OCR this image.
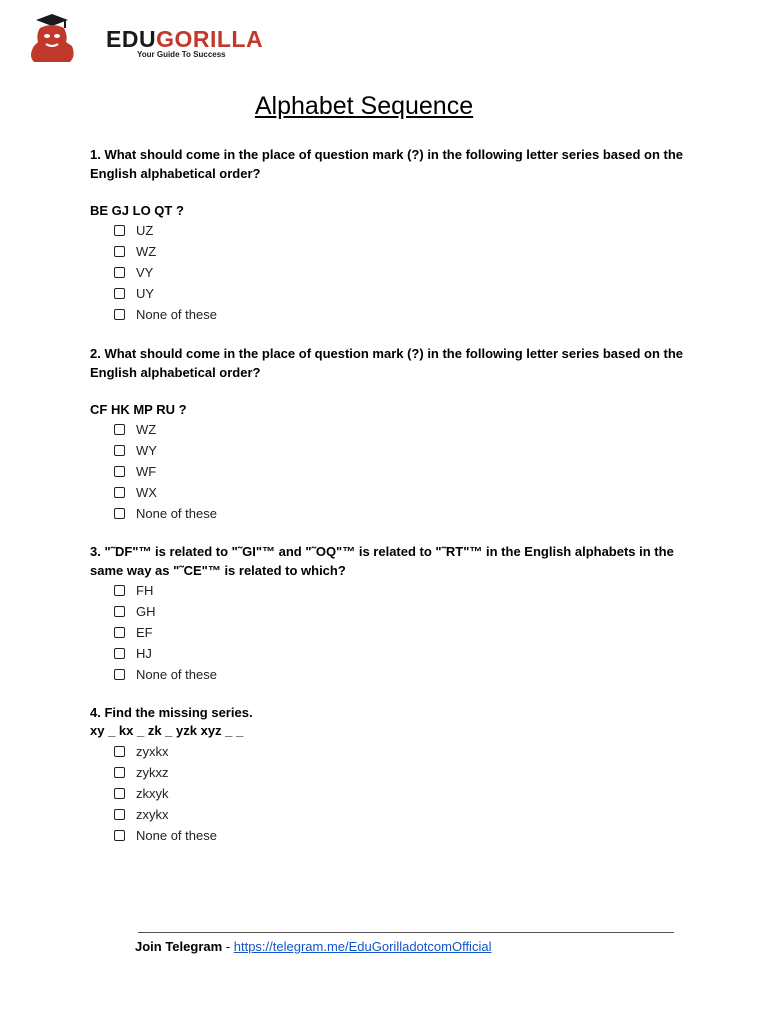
EDUGORILLA
Your Guide To Success
Alphabet Sequence
1. What should come in the place of question mark (?) in the following letter series based on the English alphabetical order?
BE GJ LO QT ?
UZ
WZ
VY
UY
None of these
2. What should come in the place of question mark (?) in the following letter series based on the English alphabetical order?
CF HK MP RU ?
WZ
WY
WF
WX
None of these
3. "˜DF"™ is related to "˜GI"™ and "˜OQ"™ is related to "˜RT"™ in the English alphabets in the same way as "˜CE"™ is related to which?
FH
GH
EF
HJ
None of these
4. Find the missing series.
xy _ kx _ zk _ yzk xyz _ _
zyxkx
zykxz
zkxyk
zxykx
None of these
Join Telegram - https://telegram.me/EduGorilladotcomOfficial
